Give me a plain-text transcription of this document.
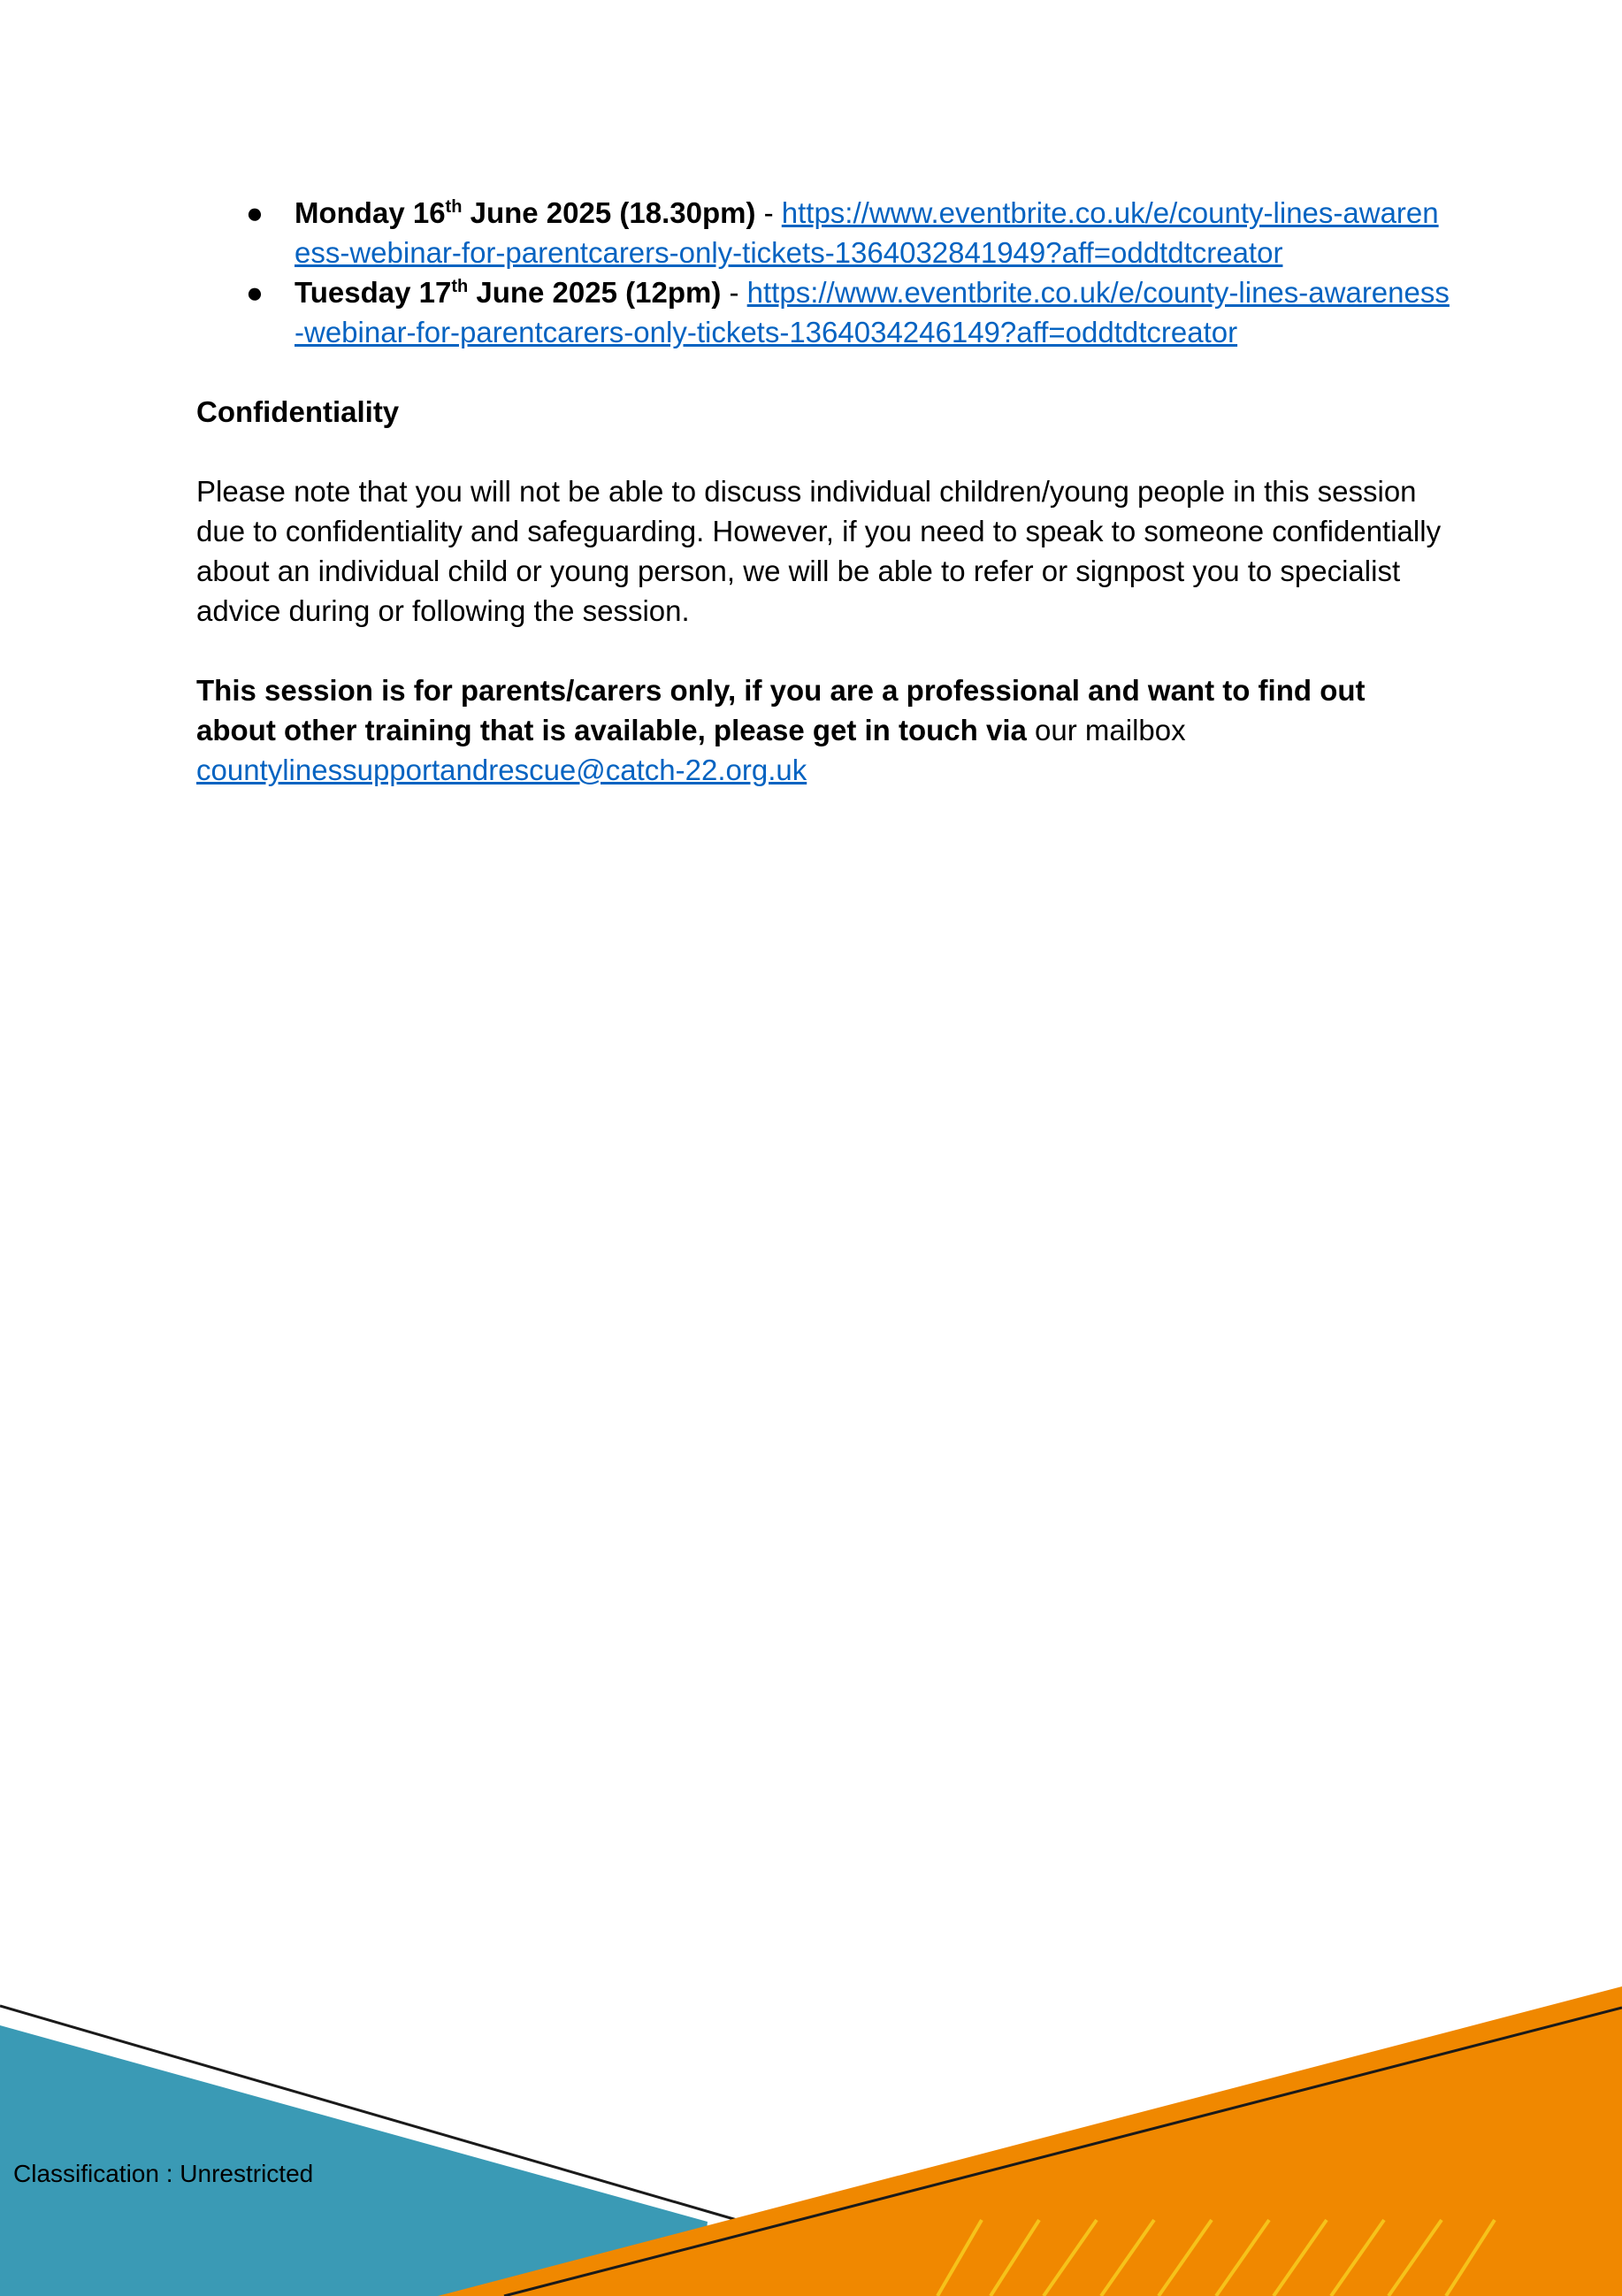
● Monday 16th June 2025 (18.30pm) - https://www.eventbrite.co.uk/e/county-lines-awareness-webinar-for-parentcarers-only-tickets-1364032841949?aff=oddtdtcreator
● Tuesday 17th June 2025 (12pm) - https://www.eventbrite.co.uk/e/county-lines-awareness-webinar-for-parentcarers-only-tickets-1364034246149?aff=oddtdtcreator
Confidentiality

Please note that you will not be able to discuss individual children/young people in this session due to confidentiality and safeguarding. However, if you need to speak to someone confidentially about an individual child or young person, we will be able to refer or signpost you to specialist advice during or following the session.

This session is for parents/carers only, if you are a professional and want to find out about other training that is available, please get in touch via our mailbox
countylinessupportandrescue@catch-22.org.uk

Classification : Unrestricted
